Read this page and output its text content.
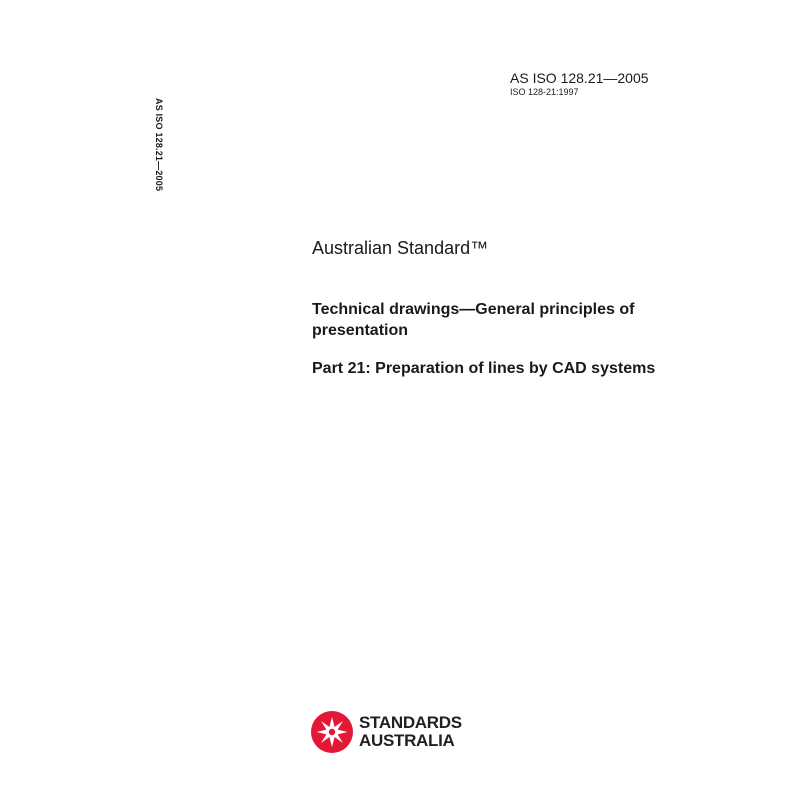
AS ISO 128.21—2005
ISO 128-21:1997
AS ISO 128.21—2005
Australian Standard™
Technical drawings—General principles of presentation
Part 21: Preparation of lines by CAD systems
STANDARDS
AUSTRALIA
